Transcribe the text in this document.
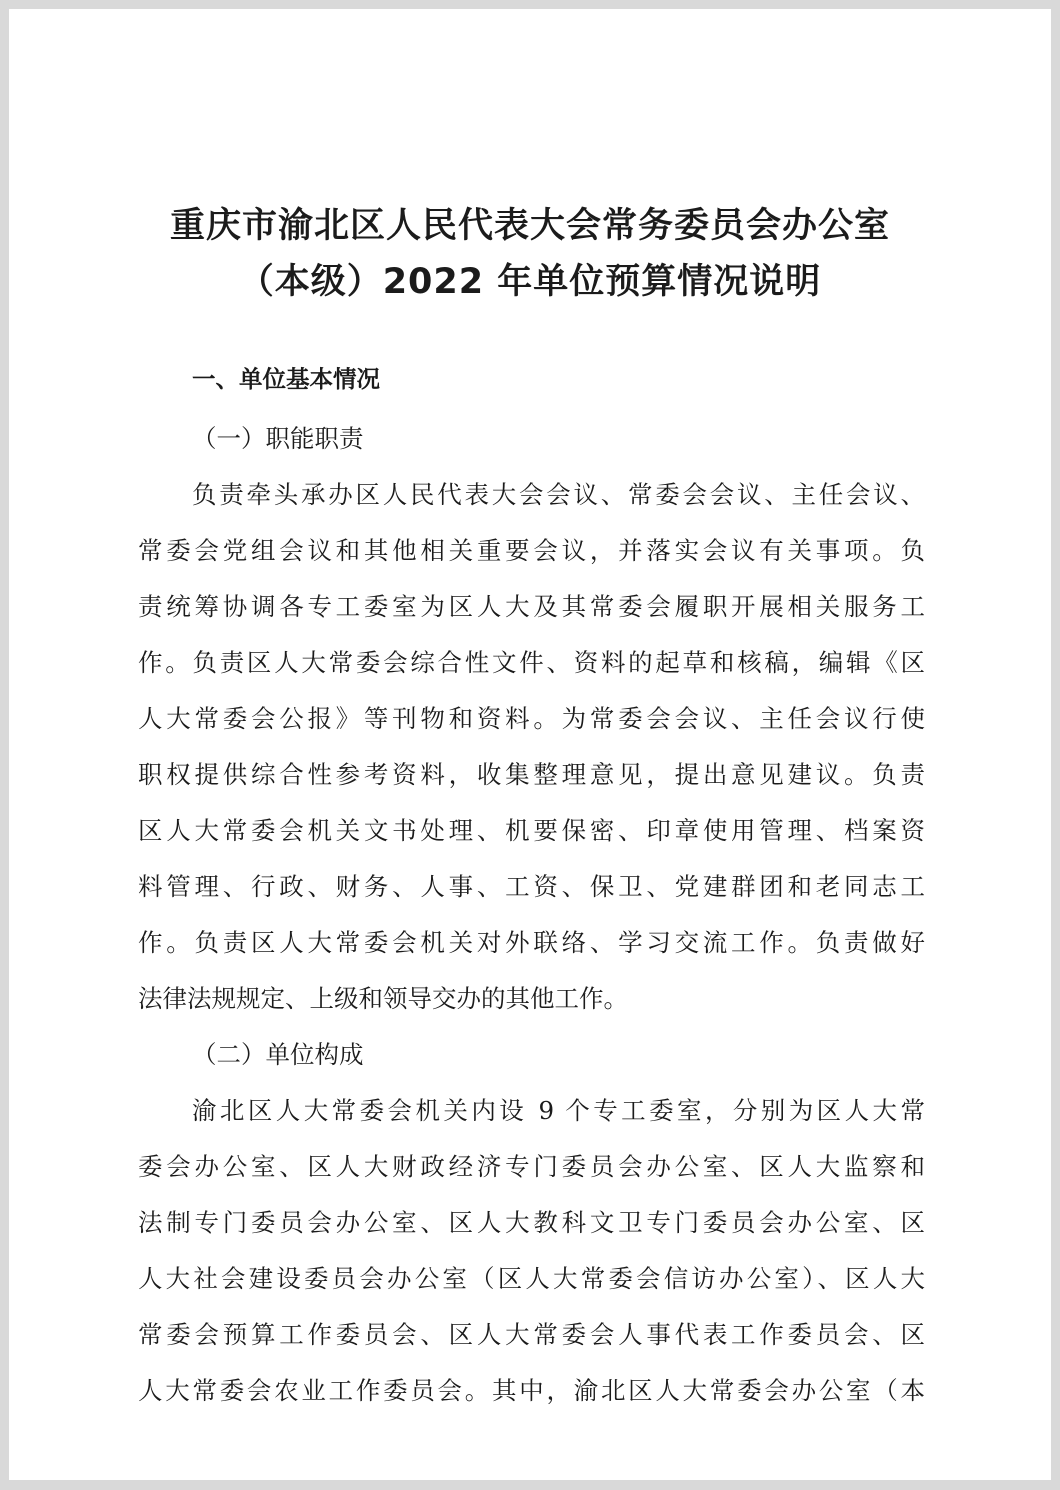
重庆市渝北区人民代表大会常务委员会办公室
（本级）2022 年单位预算情况说明
一、单位基本情况
（一）职能职责
负责牵头承办区人民代表大会会议、常委会会议、主任会议、
常委会党组会议和其他相关重要会议，并落实会议有关事项。负
责统筹协调各专工委室为区人大及其常委会履职开展相关服务工
作。负责区人大常委会综合性文件、资料的起草和核稿，编辑《区
人大常委会公报》等刊物和资料。为常委会会议、主任会议行使
职权提供综合性参考资料，收集整理意见，提出意见建议。负责
区人大常委会机关文书处理、机要保密、印章使用管理、档案资
料管理、行政、财务、人事、工资、保卫、党建群团和老同志工
作。负责区人大常委会机关对外联络、学习交流工作。负责做好
法律法规规定、上级和领导交办的其他工作。
（二）单位构成
渝北区人大常委会机关内设 9 个专工委室，分别为区人大常
委会办公室、区人大财政经济专门委员会办公室、区人大监察和
法制专门委员会办公室、区人大教科文卫专门委员会办公室、区
人大社会建设委员会办公室（区人大常委会信访办公室）、区人大
常委会预算工作委员会、区人大常委会人事代表工作委员会、区
人大常委会农业工作委员会。其中，渝北区人大常委会办公室（本
